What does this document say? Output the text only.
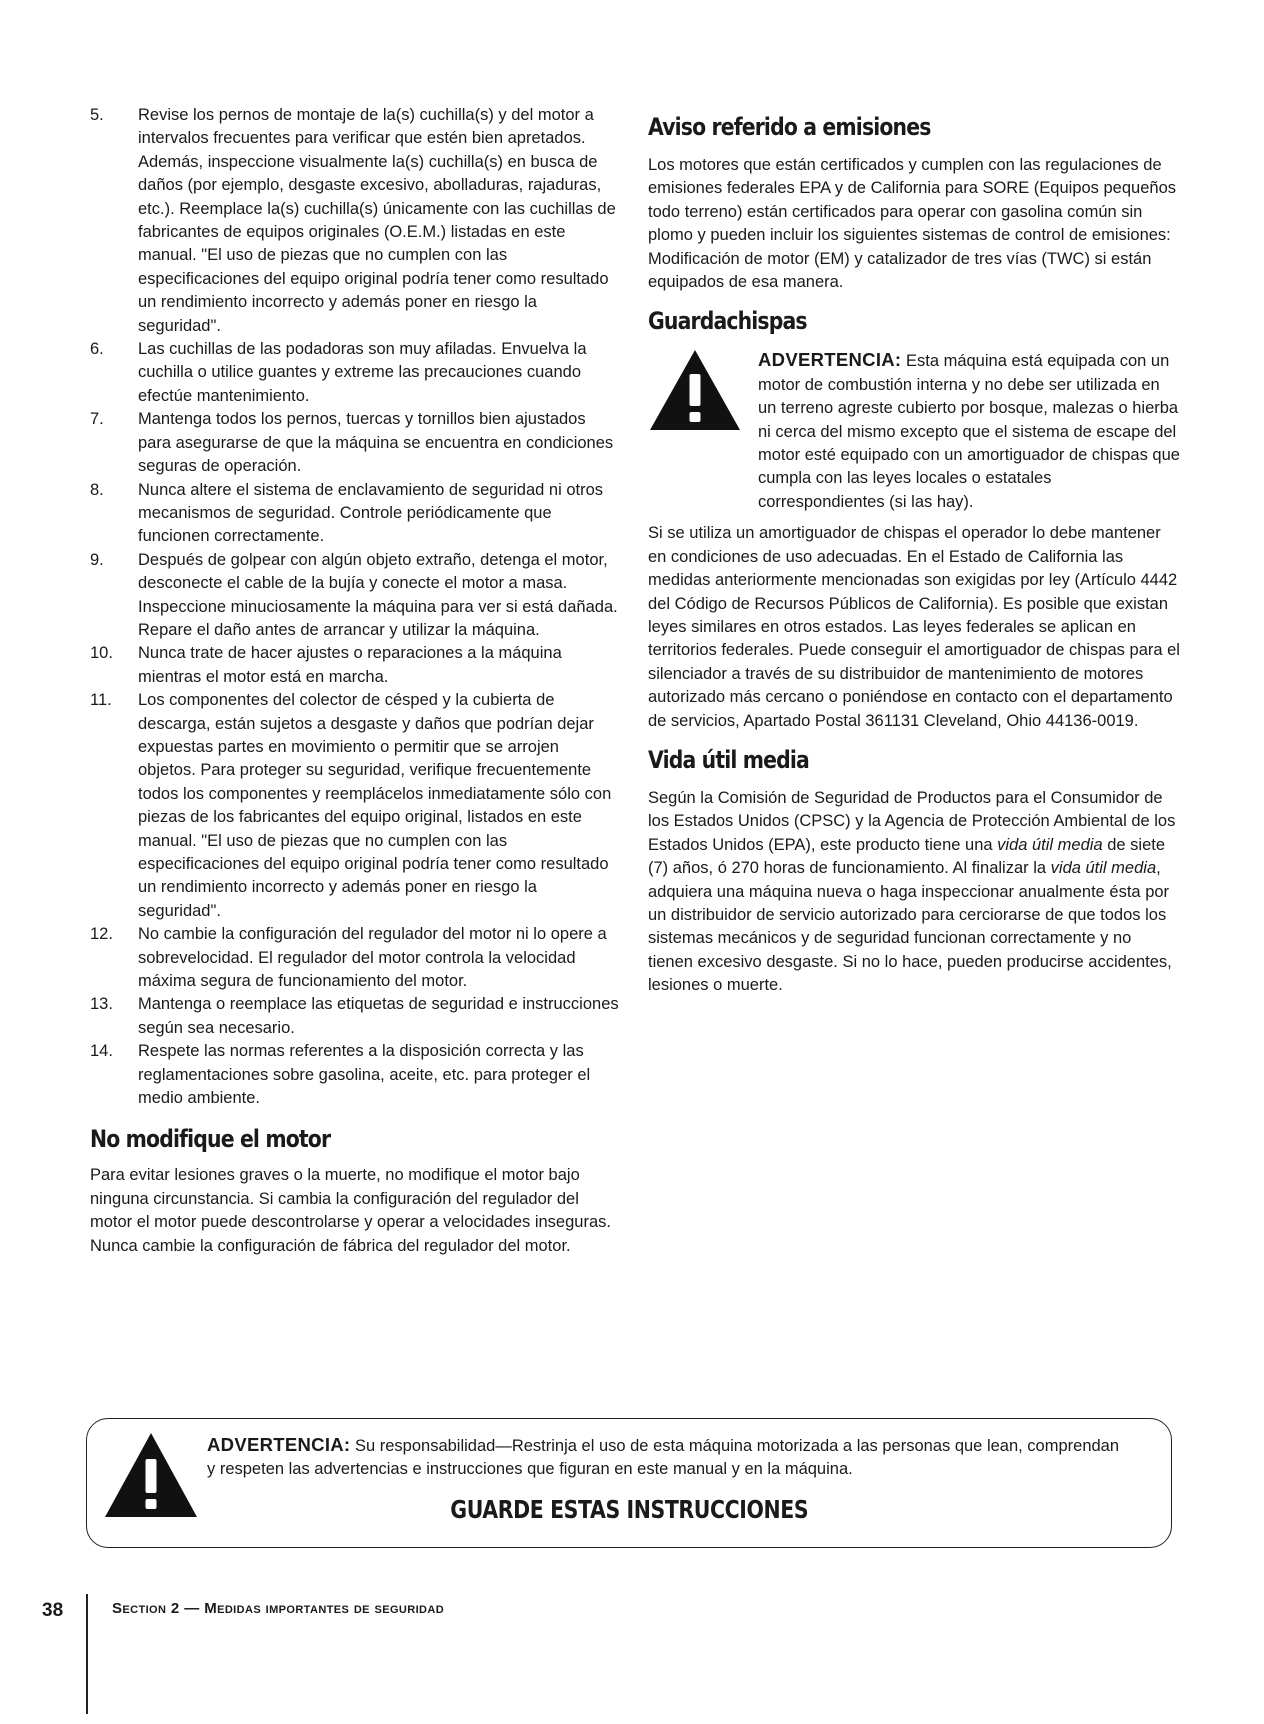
5. Revise los pernos de montaje de la(s) cuchilla(s) y del motor a intervalos frecuentes para verificar que estén bien apretados. Además, inspeccione visualmente la(s) cuchilla(s) en busca de daños (por ejemplo, desgaste excesivo, abolladuras, rajaduras, etc.). Reemplace la(s) cuchilla(s) únicamente con las cuchillas de fabricantes de equipos originales (O.E.M.) listadas en este manual. "El uso de piezas que no cumplen con las especificaciones del equipo original podría tener como resultado un rendimiento incorrecto y además poner en riesgo la seguridad".
6. Las cuchillas de las podadoras son muy afiladas. Envuelva la cuchilla o utilice guantes y extreme las precauciones cuando efectúe mantenimiento.
7. Mantenga todos los pernos, tuercas y tornillos bien ajustados para asegurarse de que la máquina se encuentra en condiciones seguras de operación.
8. Nunca altere el sistema de enclavamiento de seguridad ni otros mecanismos de seguridad. Controle periódicamente que funcionen correctamente.
9. Después de golpear con algún objeto extraño, detenga el motor, desconecte el cable de la bujía y conecte el motor a masa. Inspeccione minuciosamente la máquina para ver si está dañada. Repare el daño antes de arrancar y utilizar la máquina.
10. Nunca trate de hacer ajustes o reparaciones a la máquina mientras el motor está en marcha.
11. Los componentes del colector de césped y la cubierta de descarga, están sujetos a desgaste y daños que podrían dejar expuestas partes en movimiento o permitir que se arrojen objetos. Para proteger su seguridad, verifique frecuentemente todos los componentes y reemplácelos inmediatamente sólo con piezas de los fabricantes del equipo original, listados en este manual. "El uso de piezas que no cumplen con las especificaciones del equipo original podría tener como resultado un rendimiento incorrecto y además poner en riesgo la seguridad".
12. No cambie la configuración del regulador del motor ni lo opere a sobrevelocidad. El regulador del motor controla la velocidad máxima segura de funcionamiento del motor.
13. Mantenga o reemplace las etiquetas de seguridad e instrucciones según sea necesario.
14. Respete las normas referentes a la disposición correcta y las reglamentaciones sobre gasolina, aceite, etc. para proteger el medio ambiente.
No modifique el motor

Para evitar lesiones graves o la muerte, no modifique el motor bajo ninguna circunstancia. Si cambia la configuración del regulador del motor el motor puede descontrolarse y operar a velocidades inseguras. Nunca cambie la configuración de fábrica del regulador del motor.

Aviso referido a emisiones

Los motores que están certificados y cumplen con las regulaciones de emisiones federales EPA y de California para SORE (Equipos pequeños todo terreno) están certificados para operar con gasolina común sin plomo y pueden incluir los siguientes sistemas de control de emisiones: Modificación de motor (EM) y catalizador de tres vías (TWC) si están equipados de esa manera.

Guardachispas
ADVERTENCIA: Esta máquina está equipada con un motor de combustión interna y no debe ser utilizada en un terreno agreste cubierto por bosque, malezas o hierba ni cerca del mismo excepto que el sistema de escape del motor esté equipado con un amortiguador de chispas que cumpla con las leyes locales o estatales correspondientes (si las hay).

Si se utiliza un amortiguador de chispas el operador lo debe mantener en condiciones de uso adecuadas. En el Estado de California las medidas anteriormente mencionadas son exigidas por ley (Artículo 4442 del Código de Recursos Públicos de California). Es posible que existan leyes similares en otros estados. Las leyes federales se aplican en territorios federales. Puede conseguir el amortiguador de chispas para el silenciador a través de su distribuidor de mantenimiento de motores autorizado más cercano o poniéndose en contacto con el departamento de servicios, Apartado Postal 361131 Cleveland, Ohio 44136-0019.

Vida útil media

Según la Comisión de Seguridad de Productos para el Consumidor de los Estados Unidos (CPSC) y la Agencia de Protección Ambiental de los Estados Unidos (EPA), este producto tiene una vida útil media de siete (7) años, ó 270 horas de funcionamiento. Al finalizar la vida útil media, adquiera una máquina nueva o haga inspeccionar anualmente ésta por un distribuidor de servicio autorizado para cerciorarse de que todos los sistemas mecánicos y de seguridad funcionan correctamente y no tienen excesivo desgaste. Si no lo hace, pueden producirse accidentes, lesiones o muerte.

ADVERTENCIA: Su responsabilidad—Restrinja el uso de esta máquina motorizada a las personas que lean, comprendan y respeten las advertencias e instrucciones que figuran en este manual y en la máquina.
GUARDE ESTAS INSTRUCCIONES
38	Section 2 — Medidas importantes de seguridad
